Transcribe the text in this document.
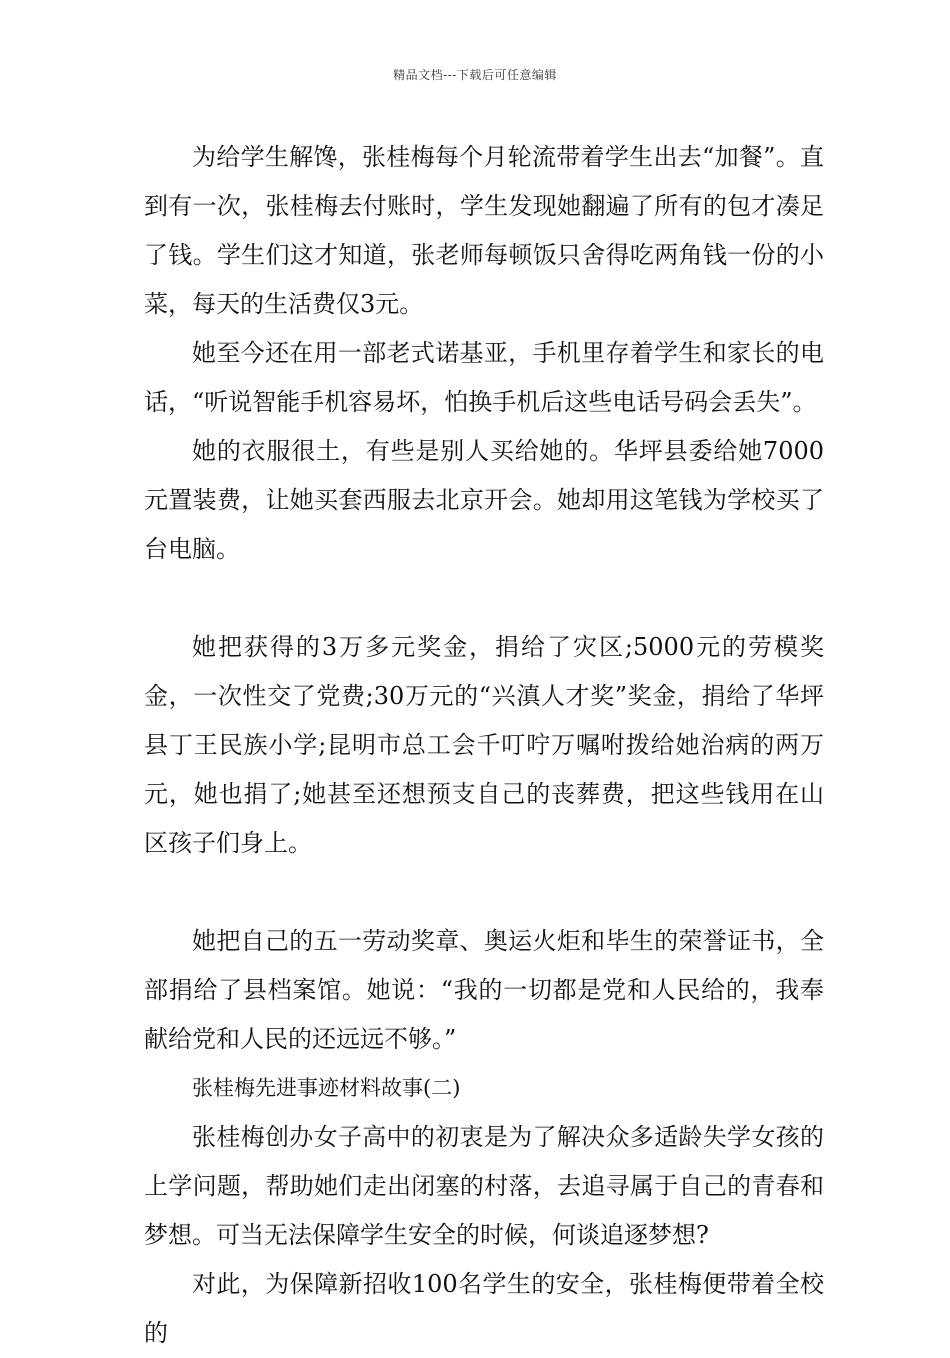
精品文档---下载后可任意编辑

为给学生解馋，张桂梅每个月轮流带着学生出去“加餐”。直到有一次，张桂梅去付账时，学生发现她翻遍了所有的包才凑足了钱。学生们这才知道，张老师每顿饭只舍得吃两角钱一份的小菜，每天的生活费仅3元。

她至今还在用一部老式诺基亚，手机里存着学生和家长的电话，“听说智能手机容易坏，怕换手机后这些电话号码会丢失”。

她的衣服很土，有些是别人买给她的。华坪县委给她7000元置装费，让她买套西服去北京开会。她却用这笔钱为学校买了台电脑。

她把获得的3万多元奖金，捐给了灾区;5000元的劳模奖金，一次性交了党费;30万元的“兴滇人才奖”奖金，捐给了华坪县丁王民族小学;昆明市总工会千叮咛万嘱咐拨给她治病的两万元，她也捐了;她甚至还想预支自己的丧葬费，把这些钱用在山区孩子们身上。

她把自己的五一劳动奖章、奥运火炬和毕生的荣誉证书，全部捐给了县档案馆。她说：“我的一切都是党和人民给的，我奉献给党和人民的还远远不够。”

张桂梅先进事迹材料故事(二)

张桂梅创办女子高中的初衷是为了解决众多适龄失学女孩的上学问题，帮助她们走出闭塞的村落，去追寻属于自己的青春和梦想。可当无法保障学生安全的时候，何谈追逐梦想?

对此，为保障新招收100名学生的安全，张桂梅便带着全校的
